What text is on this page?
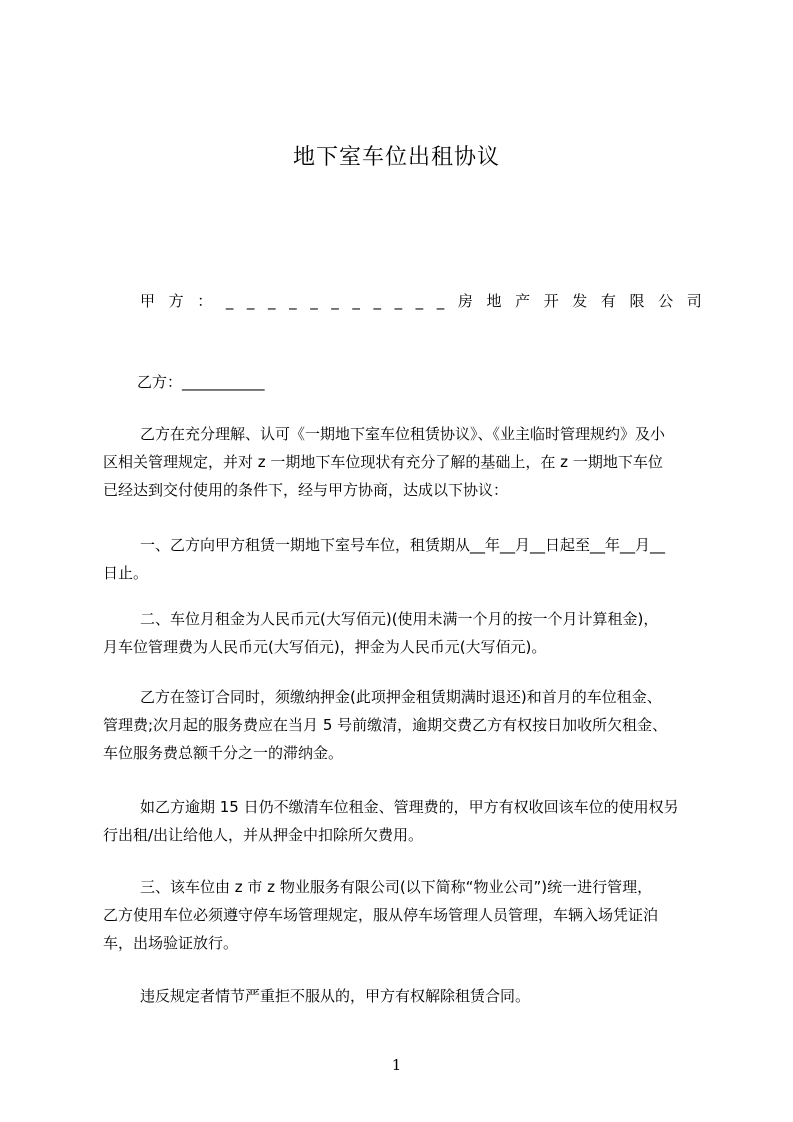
地下室车位出租协议
甲 方 ： _ _ _ _ _ _ _ _ _ _ _ 房 地 产 开 发 有 限 公 司
乙方：___________
乙方在充分理解、认可《一期地下室车位租赁协议》、《业主临时管理规约》及小
区相关管理规定，并对 z 一期地下车位现状有充分了解的基础上，在 z 一期地下车位
已经达到交付使用的条件下，经与甲方协商，达成以下协议：
一、乙方向甲方租赁一期地下室号车位，租赁期从__年__月__日起至__年__月__
日止。
二、车位月租金为人民币元(大写佰元)(使用未满一个月的按一个月计算租金)，
月车位管理费为人民币元(大写佰元)，押金为人民币元(大写佰元)。
乙方在签订合同时，须缴纳押金(此项押金租赁期满时退还)和首月的车位租金、
管理费;次月起的服务费应在当月 5 号前缴清，逾期交费乙方有权按日加收所欠租金、
车位服务费总额千分之一的滞纳金。
如乙方逾期 15 日仍不缴清车位租金、管理费的，甲方有权收回该车位的使用权另
行出租/出让给他人，并从押金中扣除所欠费用。
三、该车位由 z 市 z 物业服务有限公司(以下简称“物业公司”)统一进行管理，
乙方使用车位必须遵守停车场管理规定，服从停车场管理人员管理，车辆入场凭证泊
车，出场验证放行。
违反规定者情节严重拒不服从的，甲方有权解除租赁合同。
1
